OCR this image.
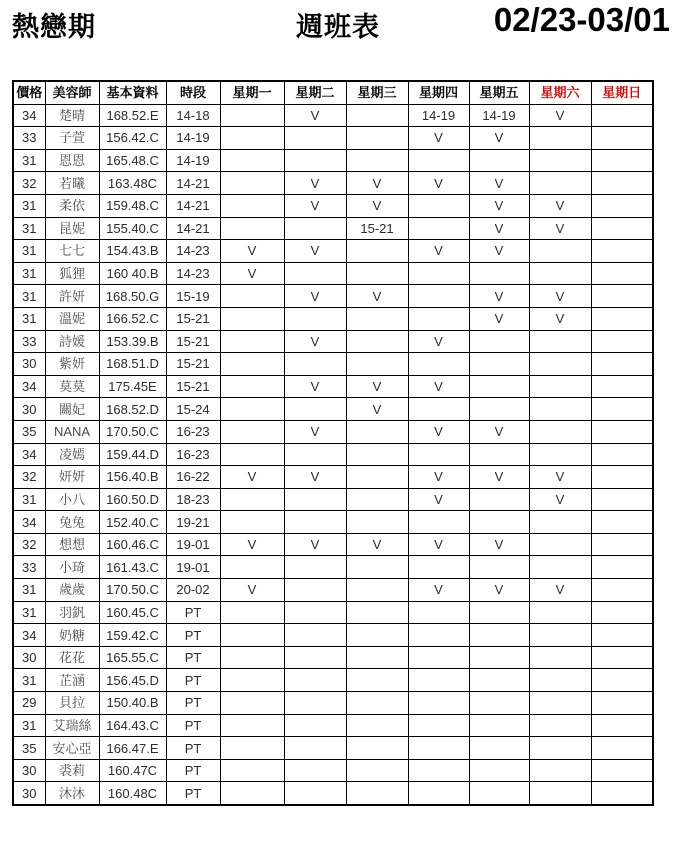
熱戀期	週班表	02/23-03/01
價格	美容師	基本資料	時段	星期一	星期二	星期三	星期四	星期五	星期六	星期日
34	楚晴	168.52.E	14-18		V		14-19	14-19	V	
33	子萱	156.42.C	14-19				V	V		
31	恩恩	165.48.C	14-19							
32	若曦	163.48C	14-21		V	V	V	V		
31	柔依	159.48.C	14-21		V	V		V	V	
31	昆妮	155.40.C	14-21			15-21		V	V	
31	七七	154.43.B	14-23	V	V		V	V		
31	狐狸	160 40.B	14-23	V						
31	許妍	168.50.G	15-19		V	V		V	V	
31	溫妮	166.52.C	15-21					V	V	
33	詩媛	153.39.B	15-21		V		V			
30	紫妍	168.51.D	15-21							
34	莫莫	175.45E	15-21		V	V	V			
30	關妃	168.52.D	15-24			V				
35	NANA	170.50.C	16-23		V		V	V		
34	凌嫣	159.44.D	16-23							
32	妍妍	156.40.B	16-22	V	V		V	V	V	
31	小八	160.50.D	18-23				V		V	
34	兔兔	152.40.C	19-21							
32	想想	160.46.C	19-01	V	V	V	V	V		
33	小琦	161.43.C	19-01							
31	歲歲	170.50.C	20-02	V			V	V	V	
31	羽釩	160.45.C	PT							
34	奶糖	159.42.C	PT							
30	花花	165.55.C	PT							
31	芷涵	156.45.D	PT							
29	貝拉	150.40.B	PT							
31	艾瑞絲	164.43.C	PT							
35	安心亞	166.47.E	PT							
30	裘莉	160.47C	PT							
30	沐沐	160.48C	PT							
